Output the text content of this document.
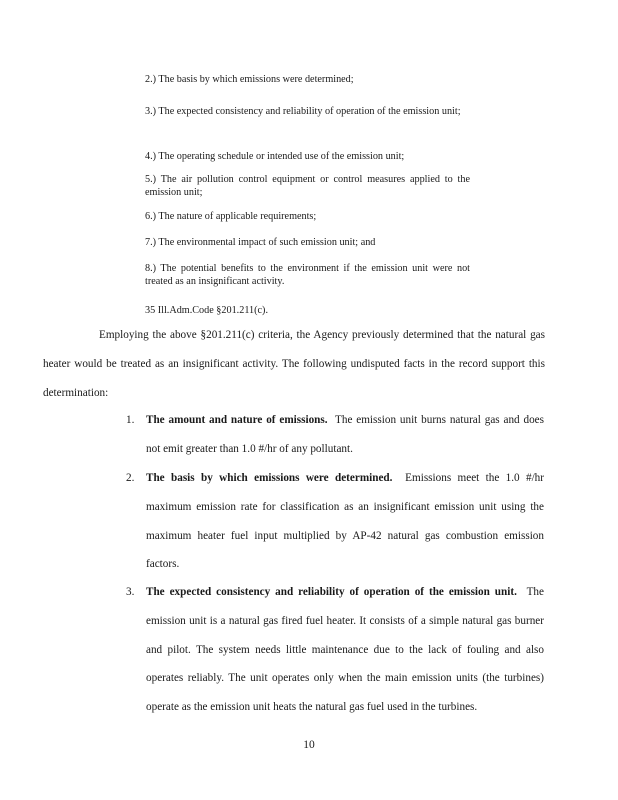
2.) The basis by which emissions were determined;
3.) The expected consistency and reliability of operation of the emission unit;
4.) The operating schedule or intended use of the emission unit;
5.) The air pollution control equipment or control measures applied to the emission unit;
6.) The nature of applicable requirements;
7.) The environmental impact of such emission unit; and
8.) The potential benefits to the environment if the emission unit were not treated as an insignificant activity.
35 Ill.Adm.Code §201.211(c).

Employing the above §201.211(c) criteria, the Agency previously determined that the natural gas heater would be treated as an insignificant activity. The following undisputed facts in the record support this determination:

1. The amount and nature of emissions. The emission unit burns natural gas and does not emit greater than 1.0 #/hr of any pollutant.

2. The basis by which emissions were determined. Emissions meet the 1.0 #/hr maximum emission rate for classification as an insignificant emission unit using the maximum heater fuel input multiplied by AP-42 natural gas combustion emission factors.

3. The expected consistency and reliability of operation of the emission unit. The emission unit is a natural gas fired fuel heater. It consists of a simple natural gas burner and pilot. The system needs little maintenance due to the lack of fouling and also operates reliably. The unit operates only when the main emission units (the turbines) operate as the emission unit heats the natural gas fuel used in the turbines.

10
